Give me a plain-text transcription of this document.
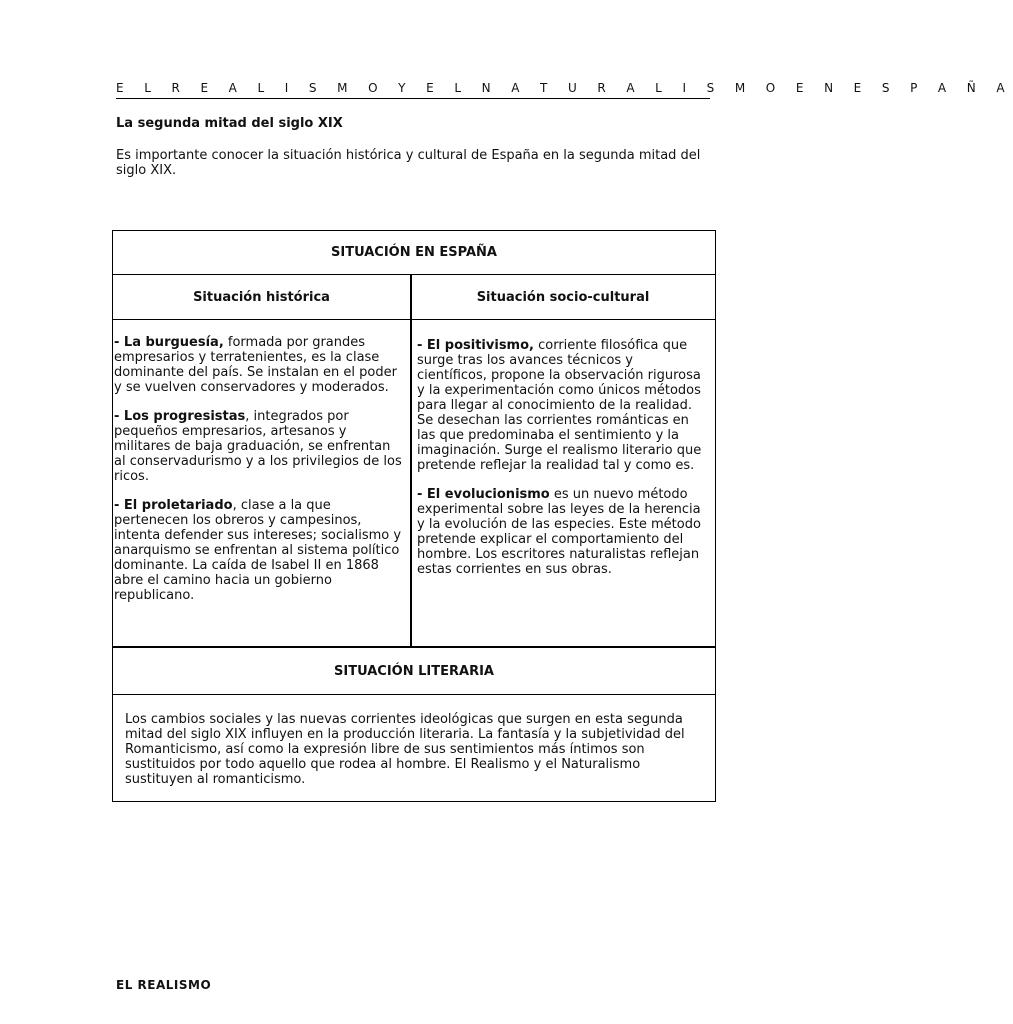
E L R E A L I S M O Y E L N A T U R A L I S M O E N E S P A Ñ A
La segunda mitad del siglo XIX
Es importante conocer la situación histórica y cultural de España en la segunda mitad del siglo XIX.
SITUACIÓN EN ESPAÑA
Situación histórica	Situación socio-cultural

- La burguesía, formada por grandes empresarios y terratenientes, es la clase dominante del país. Se instalan en el poder y se vuelven conservadores y moderados.

- Los progresistas, integrados por pequeños empresarios, artesanos y militares de baja graduación, se enfrentan al conservadurismo y a los privilegios de los ricos.

- El proletariado, clase a la que pertenecen los obreros y campesinos, intenta defender sus intereses; socialismo y anarquismo se enfrentan al sistema político dominante. La caída de Isabel II en 1868 abre el camino hacia un gobierno republicano.

- El positivismo, corriente filosófica que surge tras los avances técnicos y científicos, propone la observación rigurosa y la experimentación como únicos métodos para llegar al conocimiento de la realidad. Se desechan las corrientes románticas en las que predominaba el sentimiento y la imaginación. Surge el realismo literario que pretende reflejar la realidad tal y como es.

- El evolucionismo es un nuevo método experimental sobre las leyes de la herencia y la evolución de las especies. Este método pretende explicar el comportamiento del hombre. Los escritores naturalistas reflejan estas corrientes en sus obras.

SITUACIÓN LITERARIA
Los cambios sociales y las nuevas corrientes ideológicas que surgen en esta segunda mitad del siglo XIX influyen en la producción literaria. La fantasía y la subjetividad del Romanticismo, así como la expresión libre de sus sentimientos más íntimos son sustituidos por todo aquello que rodea al hombre. El Realismo y el Naturalismo sustituyen al romanticismo.
EL REALISMO
